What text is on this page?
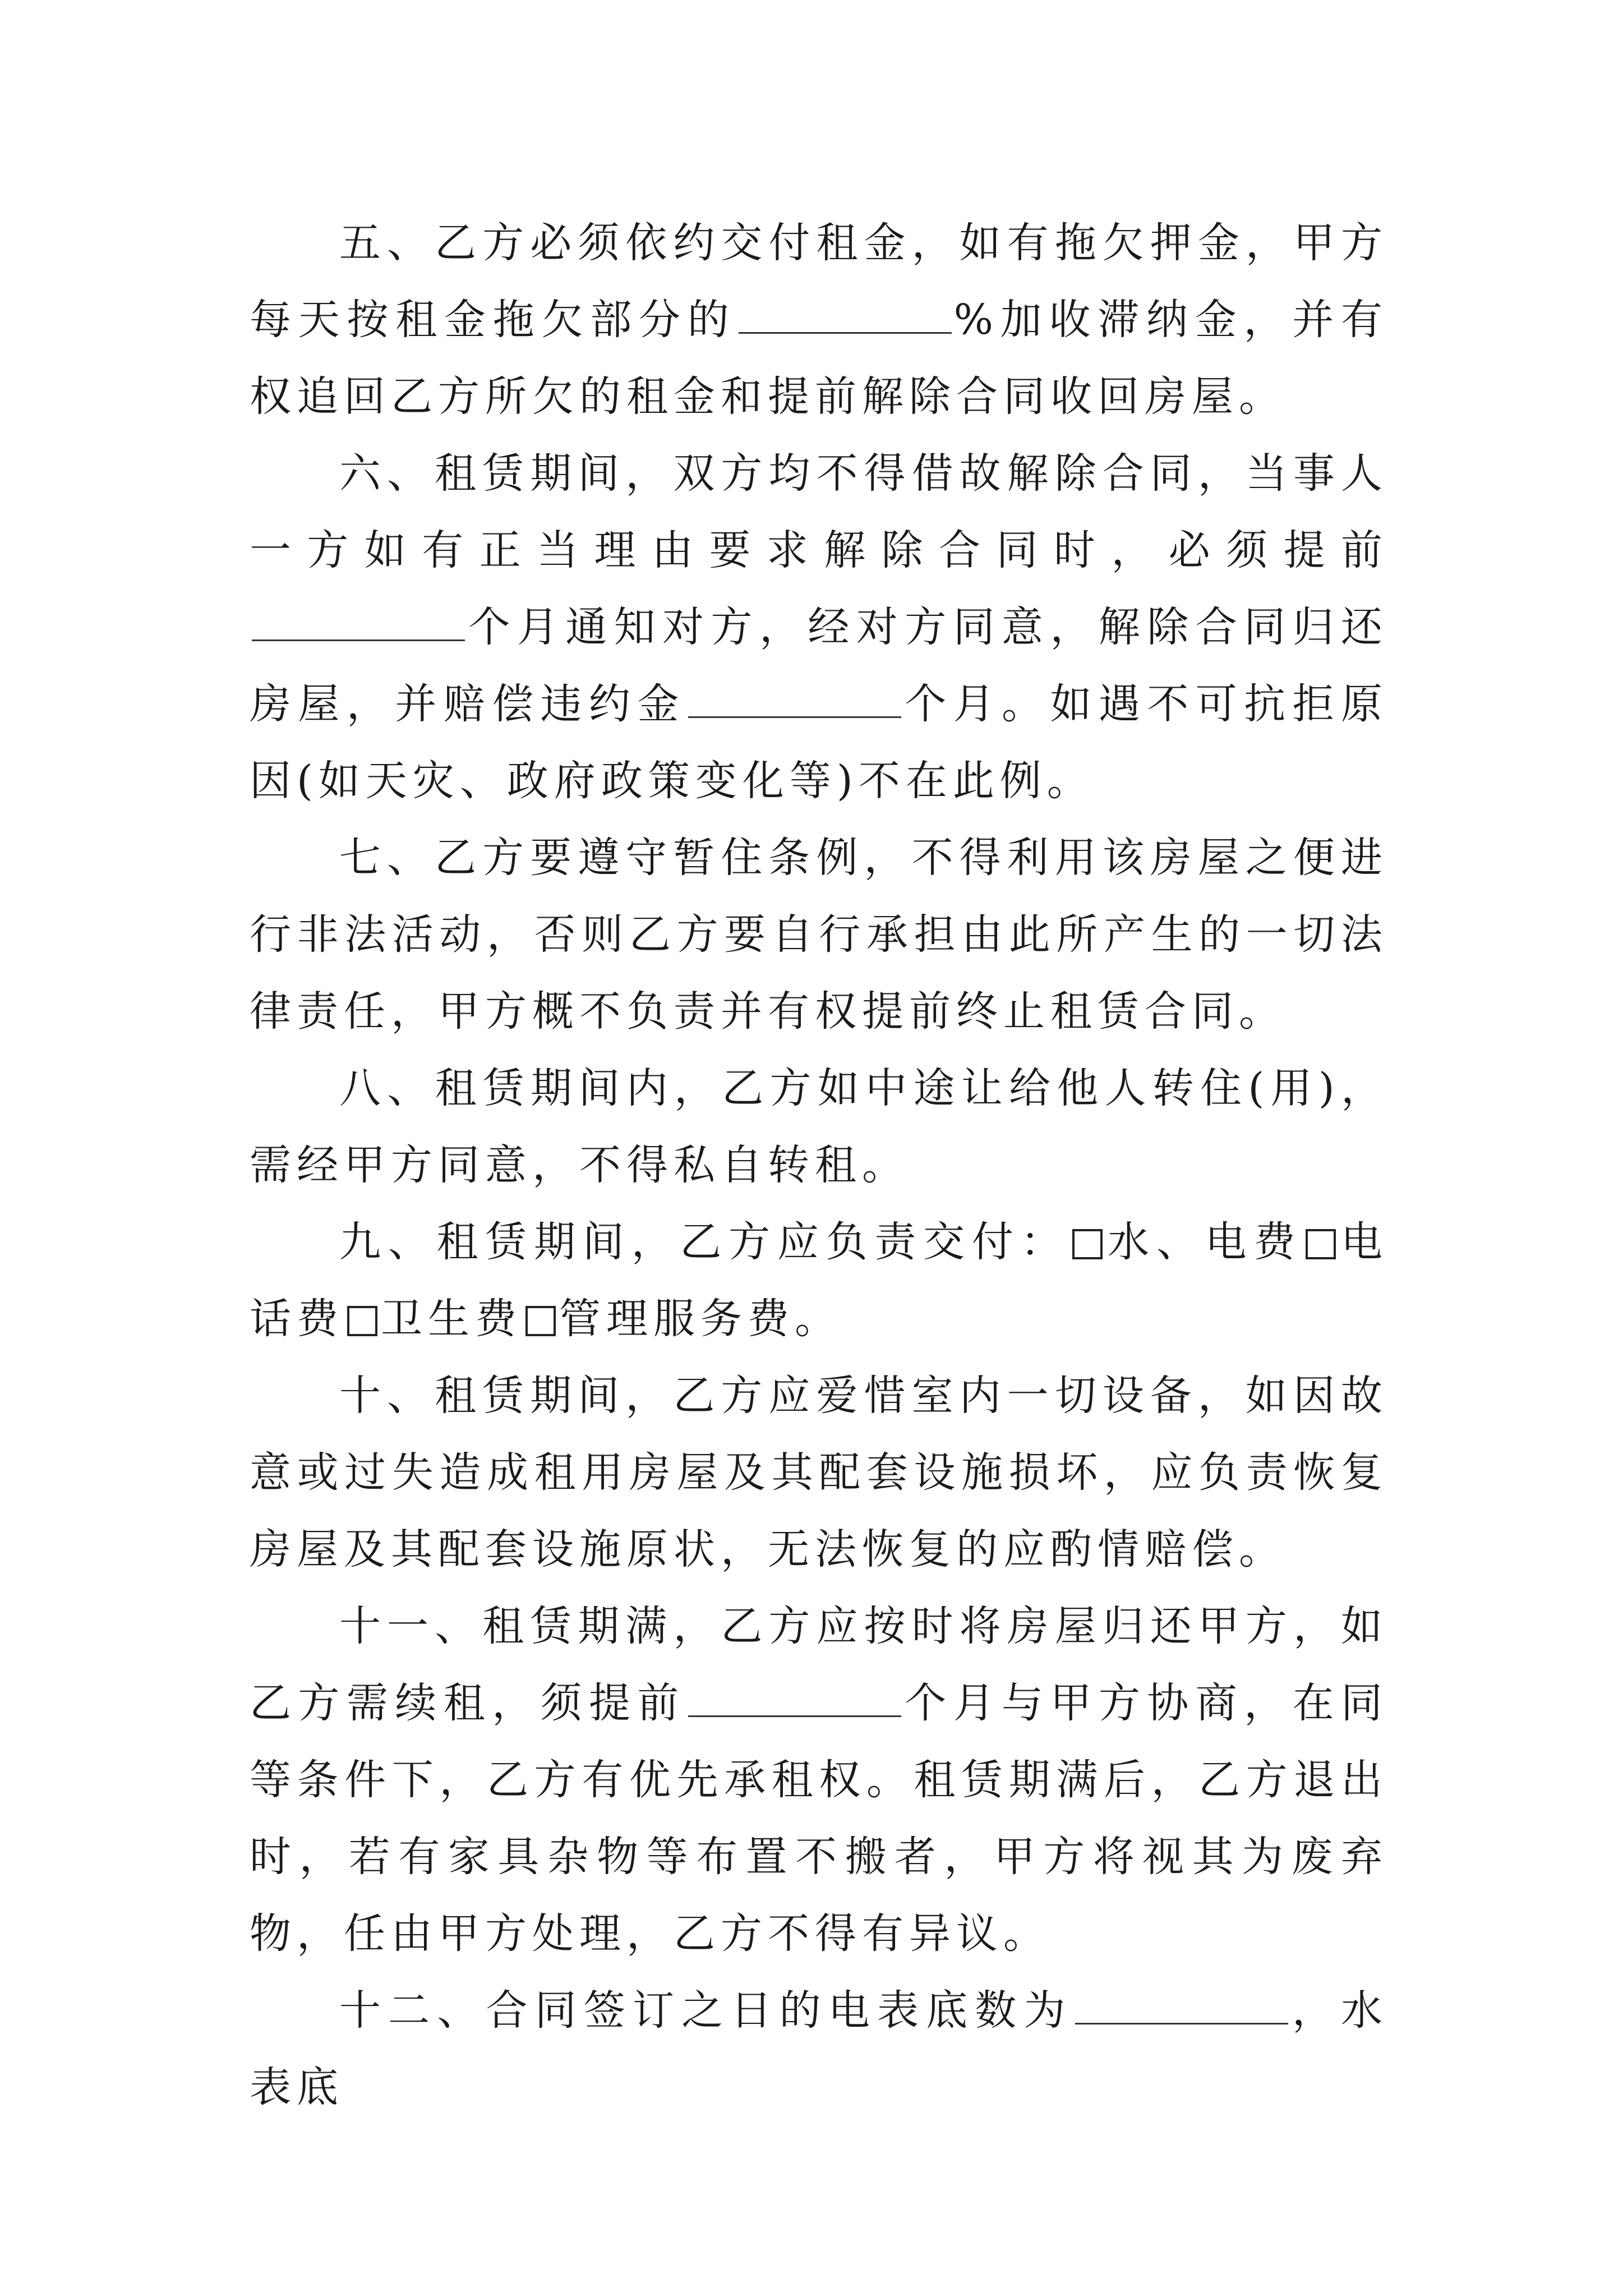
五、乙方必须依约交付租金，如有拖欠押金，甲方每天按租金拖欠部分的	%加收滞纳金，并有权追回乙方所欠的租金和提前解除合同收回房屋。

六、租赁期间，双方均不得借故解除合同，当事人一方如有正当理由要求解除合同时，必须提前个月通知对方，经对方同意，解除合同归还房屋，并赔偿违约金	个月。如遇不可抗拒原因(如天灾、政府政策变化等)不在此例。

七、乙方要遵守暂住条例，不得利用该房屋之便进行非法活动，否则乙方要自行承担由此所产生的一切法律责任，甲方概不负责并有权提前终止租赁合同。

八、租赁期间内，乙方如中途让给他人转住(用)，需经甲方同意，不得私自转租。

九、租赁期间，乙方应负责交付： 水、电费 电话费 卫生费 管理服务费。

十、租赁期间，乙方应爱惜室内一切设备，如因故意或过失造成租用房屋及其配套设施损坏，应负责恢复房屋及其配套设施原状，无法恢复的应酌情赔偿。

十一、租赁期满，乙方应按时将房屋归还甲方，如乙方需续租，须提前	个月与甲方协商，在同等条件下，乙方有优先承租权。租赁期满后，乙方退出时，若有家具杂物等布置不搬者，甲方将视其为废弃物，任由甲方处理，乙方不得有异议。

十二、合同签订之日的电表底数为	，水表底
